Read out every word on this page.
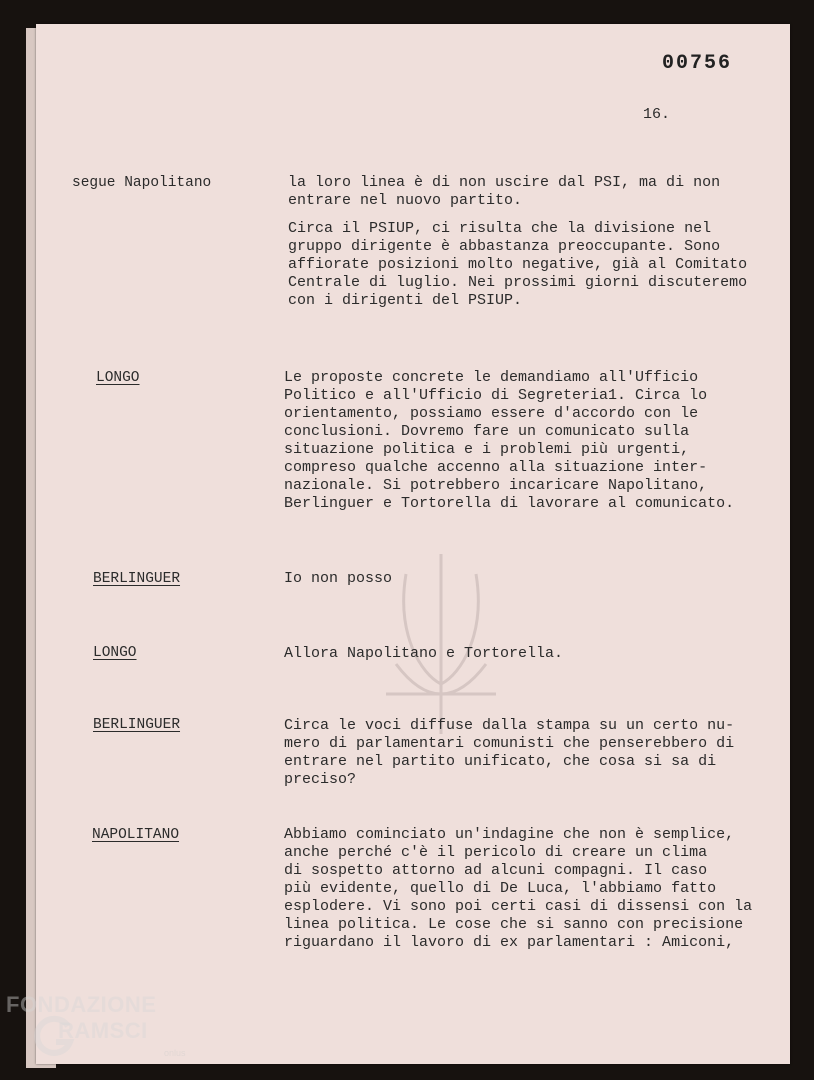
00756
16.
segue Napolitano	la loro linea è di non uscire dal PSI, ma di non
entrare nel nuovo partito.

Circa il PSIUP, ci risulta che la divisione nel
gruppo dirigente è abbastanza preoccupante. Sono
affiorate posizioni molto negative, già al Comitato
Centrale di luglio. Nei prossimi giorni discuteremo
con i dirigenti del PSIUP.

LONGO	Le proposte concrete le demandiamo all'Ufficio
Politico e all'Ufficio di Segreteria1. Circa lo
orientamento, possiamo essere d'accordo con le
conclusioni. Dovremo fare un comunicato sulla
situazione politica e i problemi più urgenti,
compreso qualche accenno alla situazione inter-
nazionale. Si potrebbero incaricare Napolitano,
Berlinguer e Tortorella di lavorare al comunicato.

BERLINGUER	Io non posso

LONGO	Allora Napolitano e Tortorella.

BERLINGUER	Circa le voci diffuse dalla stampa su un certo nu-
mero di parlamentari comunisti che penserebbero di
entrare nel partito unificato, che cosa si sa di
preciso?

NAPOLITANO	Abbiamo cominciato un'indagine che non è semplice,
anche perché c'è il pericolo di creare un clima
di sospetto attorno ad alcuni compagni. Il caso
più evidente, quello di De Luca, l'abbiamo fatto
esplodere. Vi sono poi certi casi di dissensi con la
linea politica. Le cose che si sanno con precisione
riguardano il lavoro di ex parlamentari : Amiconi,

FONDAZIONE
RAMSCI
onlus
